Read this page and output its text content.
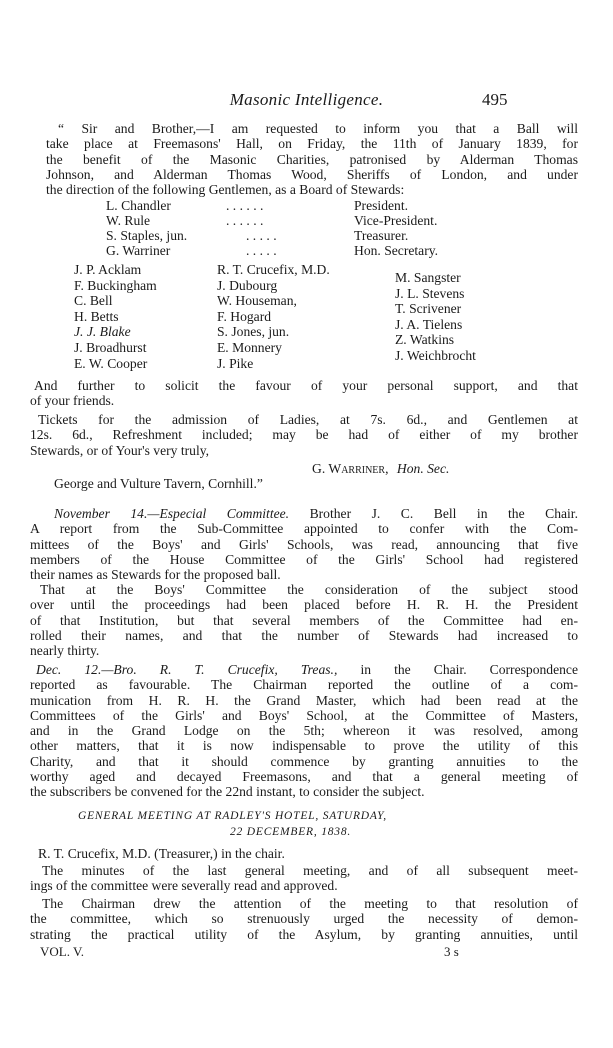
Masonic Intelligence.	495
“ Sir and Brother,—I am requested to inform you that a Ball will
take place at Freemasons' Hall, on Friday, the 11th of January 1839, for
the benefit of the Masonic Charities, patronised by Alderman Thomas
Johnson, and Alderman Thomas Wood, Sheriffs of London, and under
the direction of the following Gentlemen, as a Board of Stewards:
L. Chandler	. . . . . .	President.
W. Rule	. . . . . .	Vice-President.
S. Staples, jun.	. . . . .	Treasurer.
G. Warriner	. . . . .	Hon. Secretary.
J. P. Acklam
F. Buckingham
C. Bell
H. Betts
J. J. Blake
J. Broadhurst
E. W. Cooper
R. T. Crucefix, M.D.
J. Dubourg
W. Houseman,
F. Hogard
S. Jones, jun.
E. Monnery
J. Pike
M. Sangster
J. L. Stevens
T. Scrivener
J. A. Tielens
Z. Watkins
J. Weichbrocht
And further to solicit the favour of your personal support, and that
of your friends.
Tickets for the admission of Ladies, at 7s. 6d., and Gentlemen at
12s. 6d., Refreshment included; may be had of either of my brother
Stewards, or of Your's very truly,
G. Warriner, Hon. Sec.
George and Vulture Tavern, Cornhill.”
November 14.—Especial Committee. Brother J. C. Bell in the Chair.
A report from the Sub-Committee appointed to confer with the Com-
mittees of the Boys' and Girls' Schools, was read, announcing that five
members of the House Committee of the Girls' School had registered
their names as Stewards for the proposed ball.
That at the Boys' Committee the consideration of the subject stood
over until the proceedings had been placed before H. R. H. the President
of that Institution, but that several members of the Committee had en-
rolled their names, and that the number of Stewards had increased to
nearly thirty.
Dec. 12.—Bro. R. T. Crucefix, Treas., in the Chair. Correspondence
reported as favourable. The Chairman reported the outline of a com-
munication from H. R. H. the Grand Master, which had been read at the
Committees of the Girls' and Boys' School, at the Committee of Masters,
and in the Grand Lodge on the 5th; whereon it was resolved, among
other matters, that it is now indispensable to prove the utility of this
Charity, and that it should commence by granting annuities to the
worthy aged and decayed Freemasons, and that a general meeting of
the subscribers be convened for the 22nd instant, to consider the subject.
GENERAL MEETING AT RADLEY'S HOTEL, SATURDAY,
22 DECEMBER, 1838.
R. T. Crucefix, M.D. (Treasurer,) in the chair.
The minutes of the last general meeting, and of all subsequent meet-
ings of the committee were severally read and approved.
The Chairman drew the attention of the meeting to that resolution of
the committee, which so strenuously urged the necessity of demon-
strating the practical utility of the Asylum, by granting annuities, until
VOL. V.	3 s
